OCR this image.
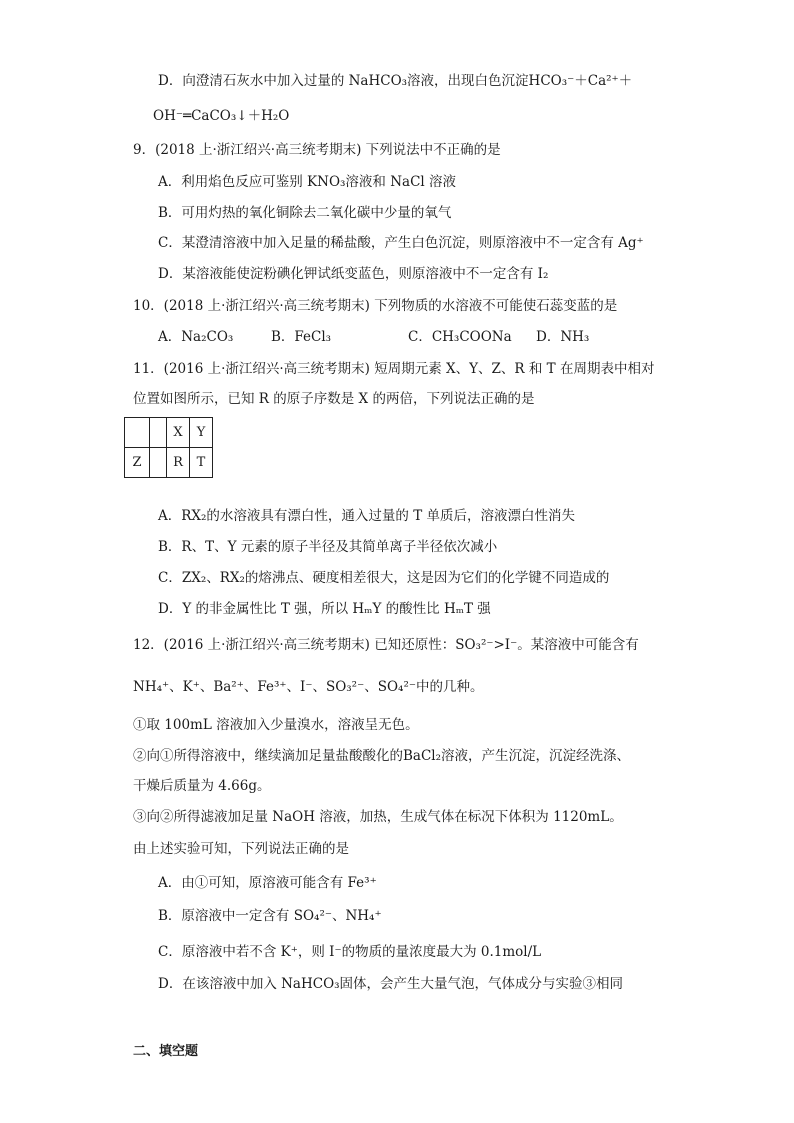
D．向澄清石灰水中加入过量的 NaHCO₃溶液，出现白色沉淀HCO₃⁻＋Ca²⁺＋
OH⁻═CaCO₃↓＋H₂O
9．(2018 上·浙江绍兴·高三统考期末) 下列说法中不正确的是
A．利用焰色反应可鉴别 KNO₃溶液和 NaCl 溶液
B．可用灼热的氧化铜除去二氧化碳中少量的氧气
C．某澄清溶液中加入足量的稀盐酸，产生白色沉淀，则原溶液中不一定含有 Ag⁺
D．某溶液能使淀粉碘化钾试纸变蓝色，则原溶液中不一定含有 I₂
10．(2018 上·浙江绍兴·高三统考期末) 下列物质的水溶液不可能使石蕊变蓝的是
A．Na₂CO₃	B．FeCl₃	C．CH₃COONa D．NH₃
11．(2016 上·浙江绍兴·高三统考期末) 短周期元素 X、Y、Z、R 和 T 在周期表中相对
位置如图所示，已知 R 的原子序数是 X 的两倍，下列说法正确的是
		X	Y
Z		R	T
A．RX₂的水溶液具有漂白性，通入过量的 T 单质后，溶液漂白性消失
B．R、T、Y 元素的原子半径及其简单离子半径依次减小
C．ZX₂、RX₂的熔沸点、硬度相差很大，这是因为它们的化学键不同造成的
D．Y 的非金属性比 T 强，所以 HₘY 的酸性比 HₘT 强
12．(2016 上·浙江绍兴·高三统考期末) 已知还原性：SO₃²⁻>I⁻。某溶液中可能含有
NH₄⁺、K⁺、Ba²⁺、Fe³⁺、I⁻、SO₃²⁻、SO₄²⁻中的几种。
①取 100mL 溶液加入少量溴水，溶液呈无色。
②向①所得溶液中，继续滴加足量盐酸酸化的BaCl₂溶液，产生沉淀，沉淀经洗涤、
干燥后质量为 4.66g。
③向②所得滤液加足量 NaOH 溶液，加热，生成气体在标况下体积为 1120mL。
由上述实验可知，下列说法正确的是
A．由①可知，原溶液可能含有 Fe³⁺
B．原溶液中一定含有 SO₄²⁻、NH₄⁺
C．原溶液中若不含 K⁺，则 I⁻的物质的量浓度最大为 0.1mol/L
D．在该溶液中加入 NaHCO₃固体，会产生大量气泡，气体成分与实验③相同
二、填空题
